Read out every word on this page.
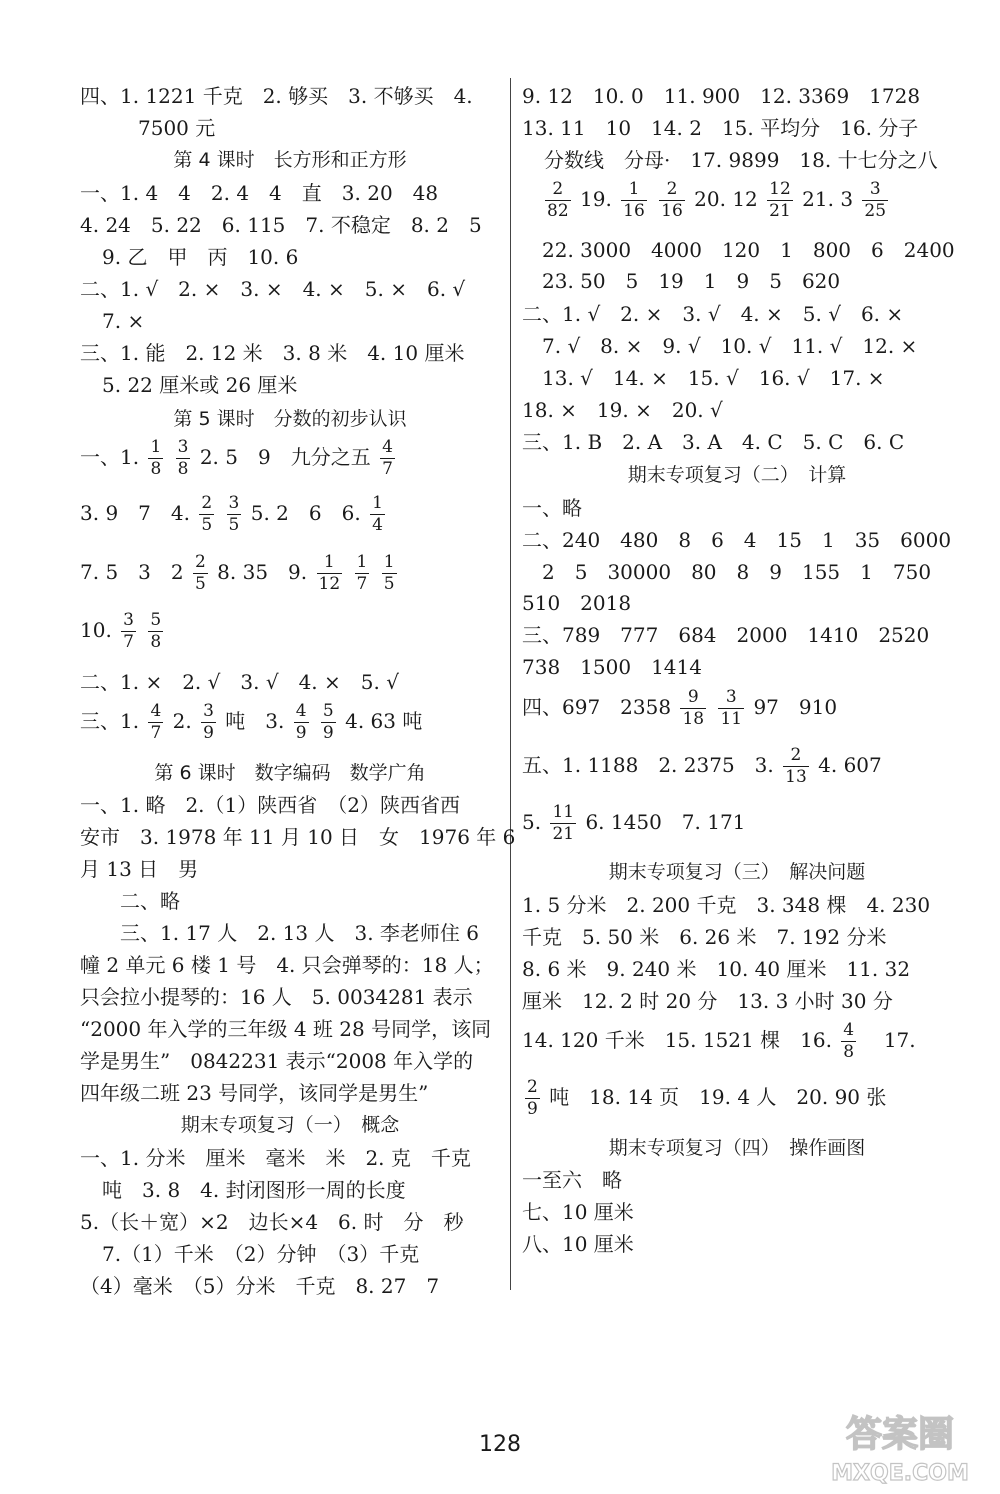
四、1. 1221 千克　2. 够买　3. 不够买　4.
7500 元
第 4 课时　长方形和正方形
一、1. 4　4　2. 4　4　直　3. 20　48
4. 24　5. 22　6. 115　7. 不稳定　8. 2　5
9. 乙　甲　丙　10. 6
二、1. √　2. ×　3. ×　4. ×　5. ×　6. √
7. ×
三、1. 能　2. 12 米　3. 8 米　4. 10 厘米
5. 22 厘米或 26 厘米
第 5 课时　分数的初步认识
一、1. $\frac{1}{8}$
$\frac{3}{8} 2$. 5　9　九分之五 $\frac{4}{7}$
3. 9　7　4. $\frac{2}{5}$
$\frac{3}{5} 5$. 2　6　6. $\frac{1}{4}$
7. 5　3　$2 \frac{2}{5} 8$. 35　9. $\frac{1}{12}$
$\frac{1}{7}$
$\frac{1}{5}$
10. $\frac{3}{7}$
$\frac{5}{8}$
二、1. ×　2. √　3. √　4. ×　5. √
三、1. $\frac{4}{7} 2$. $\frac{3}{9}$ 吨　3. $\frac{4}{9}$
$\frac{5}{9} 4$. 63 吨
第 6 课时　数字编码　数学广角
一、1. 略　2.（1）陕西省　（2）陕西省西
安市　3. 1978 年 11 月 10 日　女　1976 年 6
月 13 日　男
二、略
三、1. 17 人　2. 13 人　3. 李老师住 6
幢 2 单元 6 楼 1 号　4. 只会弹琴的：18 人；
只会拉小提琴的：16 人　5. 0034281 表示
“2000 年入学的三年级 4 班 28 号同学，该同
学是男生”　0842231 表示“2008 年入学的
四年级二班 23 号同学，该同学是男生”
期末专项复习（一）　概念
一、1. 分米　厘米　毫米　米　2. 克　千克
吨　3. 8　4. 封闭图形一周的长度
5.（长＋宽）×2　边长×4　6. 时　分　秒
7.（1）千米　（2）分钟　（3）千克
（4）毫米　（5）分米　千克　8. 27　7
9. 12　10. 0　11. 900　12. 3369　1728
13. 11　10　14. 2　15. 平均分　16. 分子
分数线　分母·　17. 9899　18. 十七分之八
$\frac{2}{82} 19$. $\frac{1}{16}$
$\frac{2}{16} 20$. $12 \frac{12}{21} 21$. $3 \frac{3}{25}$
22. 3000　4000　120　1　800　6　2400
23. 50　5　19　1　9　5　620
二、1. √　2. ×　3. √　4. ×　5. √　6. ×
7. √　8. ×　9. √　10. √　11. √　12. ×
13. √　14. ×　15. √　16. √　17. ×
18. ×　19. ×　20. √
三、1. B　2. A　3. A　4. C　5. C　6. C
期末专项复习（二）　计算
一、略
二、240　480　8　6　4　15　1　35　6000
2　5　30000　80　8　9　155　1　750
510　2018
三、789　777　684　2000　1410　2520
738　1500　1414
四、697　$2358 \frac{9}{18}$
$\frac{3}{11} 97$　910
五、1. 1188　2. 2375　3. $\frac{2}{13} 4$. 607
5. $\frac{11}{21} 6$. 1450　7. 171
期末专项复习（三）　解决问题
1. 5 分米　2. 200 千克　3. 348 棵　4. 230
千克　5. 50 米　6. 26 米　7. 192 分米
8. 6 米　9. 240 米　10. 40 厘米　11. 32
厘米　12. 2 时 20 分　13. 3 小时 30 分
14. 120 千米　15. 1521 棵　16. $\frac{4}{8} 17$.
$\frac{2}{9}$ 吨　18. 14 页　19. 4 人　20. 90 张
期末专项复习（四）　操作画图
一至六　略
七、10 厘米
八、10 厘米
128	答案圈
MXQE.COM
